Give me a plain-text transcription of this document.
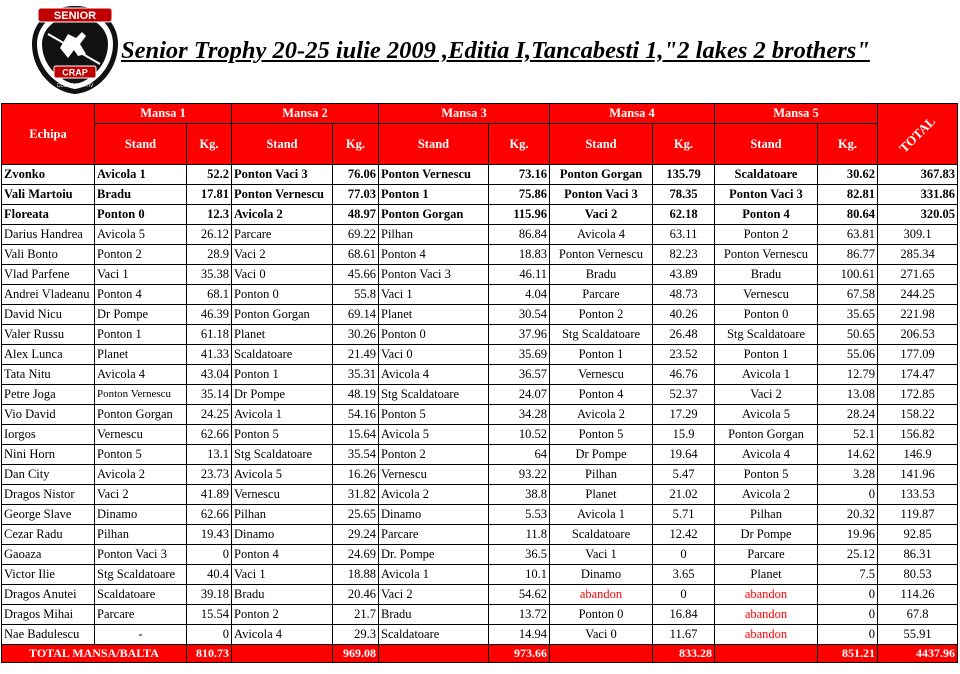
SENIOR
CRAP
CLUB SPORTIV
Senior Trophy 20-25 iulie 2009 ,Editia I,Tancabesti 1,"2 lakes 2 brothers"
Echipa	Mansa 1		Mansa 2		Mansa 3		Mansa 4		Mansa 5		TOTAL
	Stand	Kg.	Stand	Kg.	Stand	Kg.	Stand	Kg.	Stand	Kg.	
Zvonko	Avicola 1	52.2	Ponton Vaci 3	76.06	Ponton Vernescu	73.16	Ponton Gorgan	135.79	Scaldatoare	30.62	367.83
Vali Martoiu	Bradu	17.81	Ponton Vernescu	77.03	Ponton 1	75.86	Ponton Vaci 3	78.35	Ponton Vaci 3	82.81	331.86
Floreata	Ponton 0	12.3	Avicola 2	48.97	Ponton Gorgan	115.96	Vaci 2	62.18	Ponton 4	80.64	320.05
Darius Handrea	Avicola 5	26.12	Parcare	69.22	Pilhan	86.84	Avicola 4	63.11	Ponton 2	63.81	309.1
Vali Bonto	Ponton 2	28.9	Vaci 2	68.61	Ponton 4	18.83	Ponton Vernescu	82.23	Ponton Vernescu	86.77	285.34
Vlad Parfene	Vaci 1	35.38	Vaci 0	45.66	Ponton Vaci 3	46.11	Bradu	43.89	Bradu	100.61	271.65
Andrei Vladeanu	Ponton 4	68.1	Ponton 0	55.8	Vaci 1	4.04	Parcare	48.73	Vernescu	67.58	244.25
David Nicu	Dr Pompe	46.39	Ponton Gorgan	69.14	Planet	30.54	Ponton 2	40.26	Ponton 0	35.65	221.98
Valer Russu	Ponton 1	61.18	Planet	30.26	Ponton 0	37.96	Stg Scaldatoare	26.48	Stg Scaldatoare	50.65	206.53
Alex Lunca	Planet	41.33	Scaldatoare	21.49	Vaci 0	35.69	Ponton 1	23.52	Ponton 1	55.06	177.09
Tata Nitu	Avicola 4	43.04	Ponton 1	35.31	Avicola 4	36.57	Vernescu	46.76	Avicola 1	12.79	174.47
Petre Joga	Ponton Vernescu	35.14	Dr Pompe	48.19	Stg Scaldatoare	24.07	Ponton 4	52.37	Vaci 2	13.08	172.85
Vio David	Ponton Gorgan	24.25	Avicola 1	54.16	Ponton 5	34.28	Avicola 2	17.29	Avicola 5	28.24	158.22
Iorgos	Vernescu	62.66	Ponton 5	15.64	Avicola 5	10.52	Ponton 5	15.9	Ponton Gorgan	52.1	156.82
Nini Horn	Ponton 5	13.1	Stg Scaldatoare	35.54	Ponton 2	64	Dr Pompe	19.64	Avicola 4	14.62	146.9
Dan City	Avicola 2	23.73	Avicola 5	16.26	Vernescu	93.22	Pilhan	5.47	Ponton 5	3.28	141.96
Dragos Nistor	Vaci 2	41.89	Vernescu	31.82	Avicola 2	38.8	Planet	21.02	Avicola 2	0	133.53
George Slave	Dinamo	62.66	Pilhan	25.65	Dinamo	5.53	Avicola 1	5.71	Pilhan	20.32	119.87
Cezar Radu	Pilhan	19.43	Dinamo	29.24	Parcare	11.8	Scaldatoare	12.42	Dr Pompe	19.96	92.85
Gaoaza	Ponton Vaci 3	0	Ponton 4	24.69	Dr. Pompe	36.5	Vaci 1	0	Parcare	25.12	86.31
Victor Ilie	Stg Scaldatoare	40.4	Vaci 1	18.88	Avicola 1	10.1	Dinamo	3.65	Planet	7.5	80.53
Dragos Anutei	Scaldatoare	39.18	Bradu	20.46	Vaci 2	54.62	abandon	0	abandon	0	114.26
Dragos Mihai	Parcare	15.54	Ponton 2	21.7	Bradu	13.72	Ponton 0	16.84	abandon	0	67.8
Nae Badulescu	-	0	Avicola 4	29.3	Scaldatoare	14.94	Vaci 0	11.67	abandon	0	55.91
TOTAL MANSA/BALTA		810.73		969.08		973.66		833.28		851.21	4437.96
